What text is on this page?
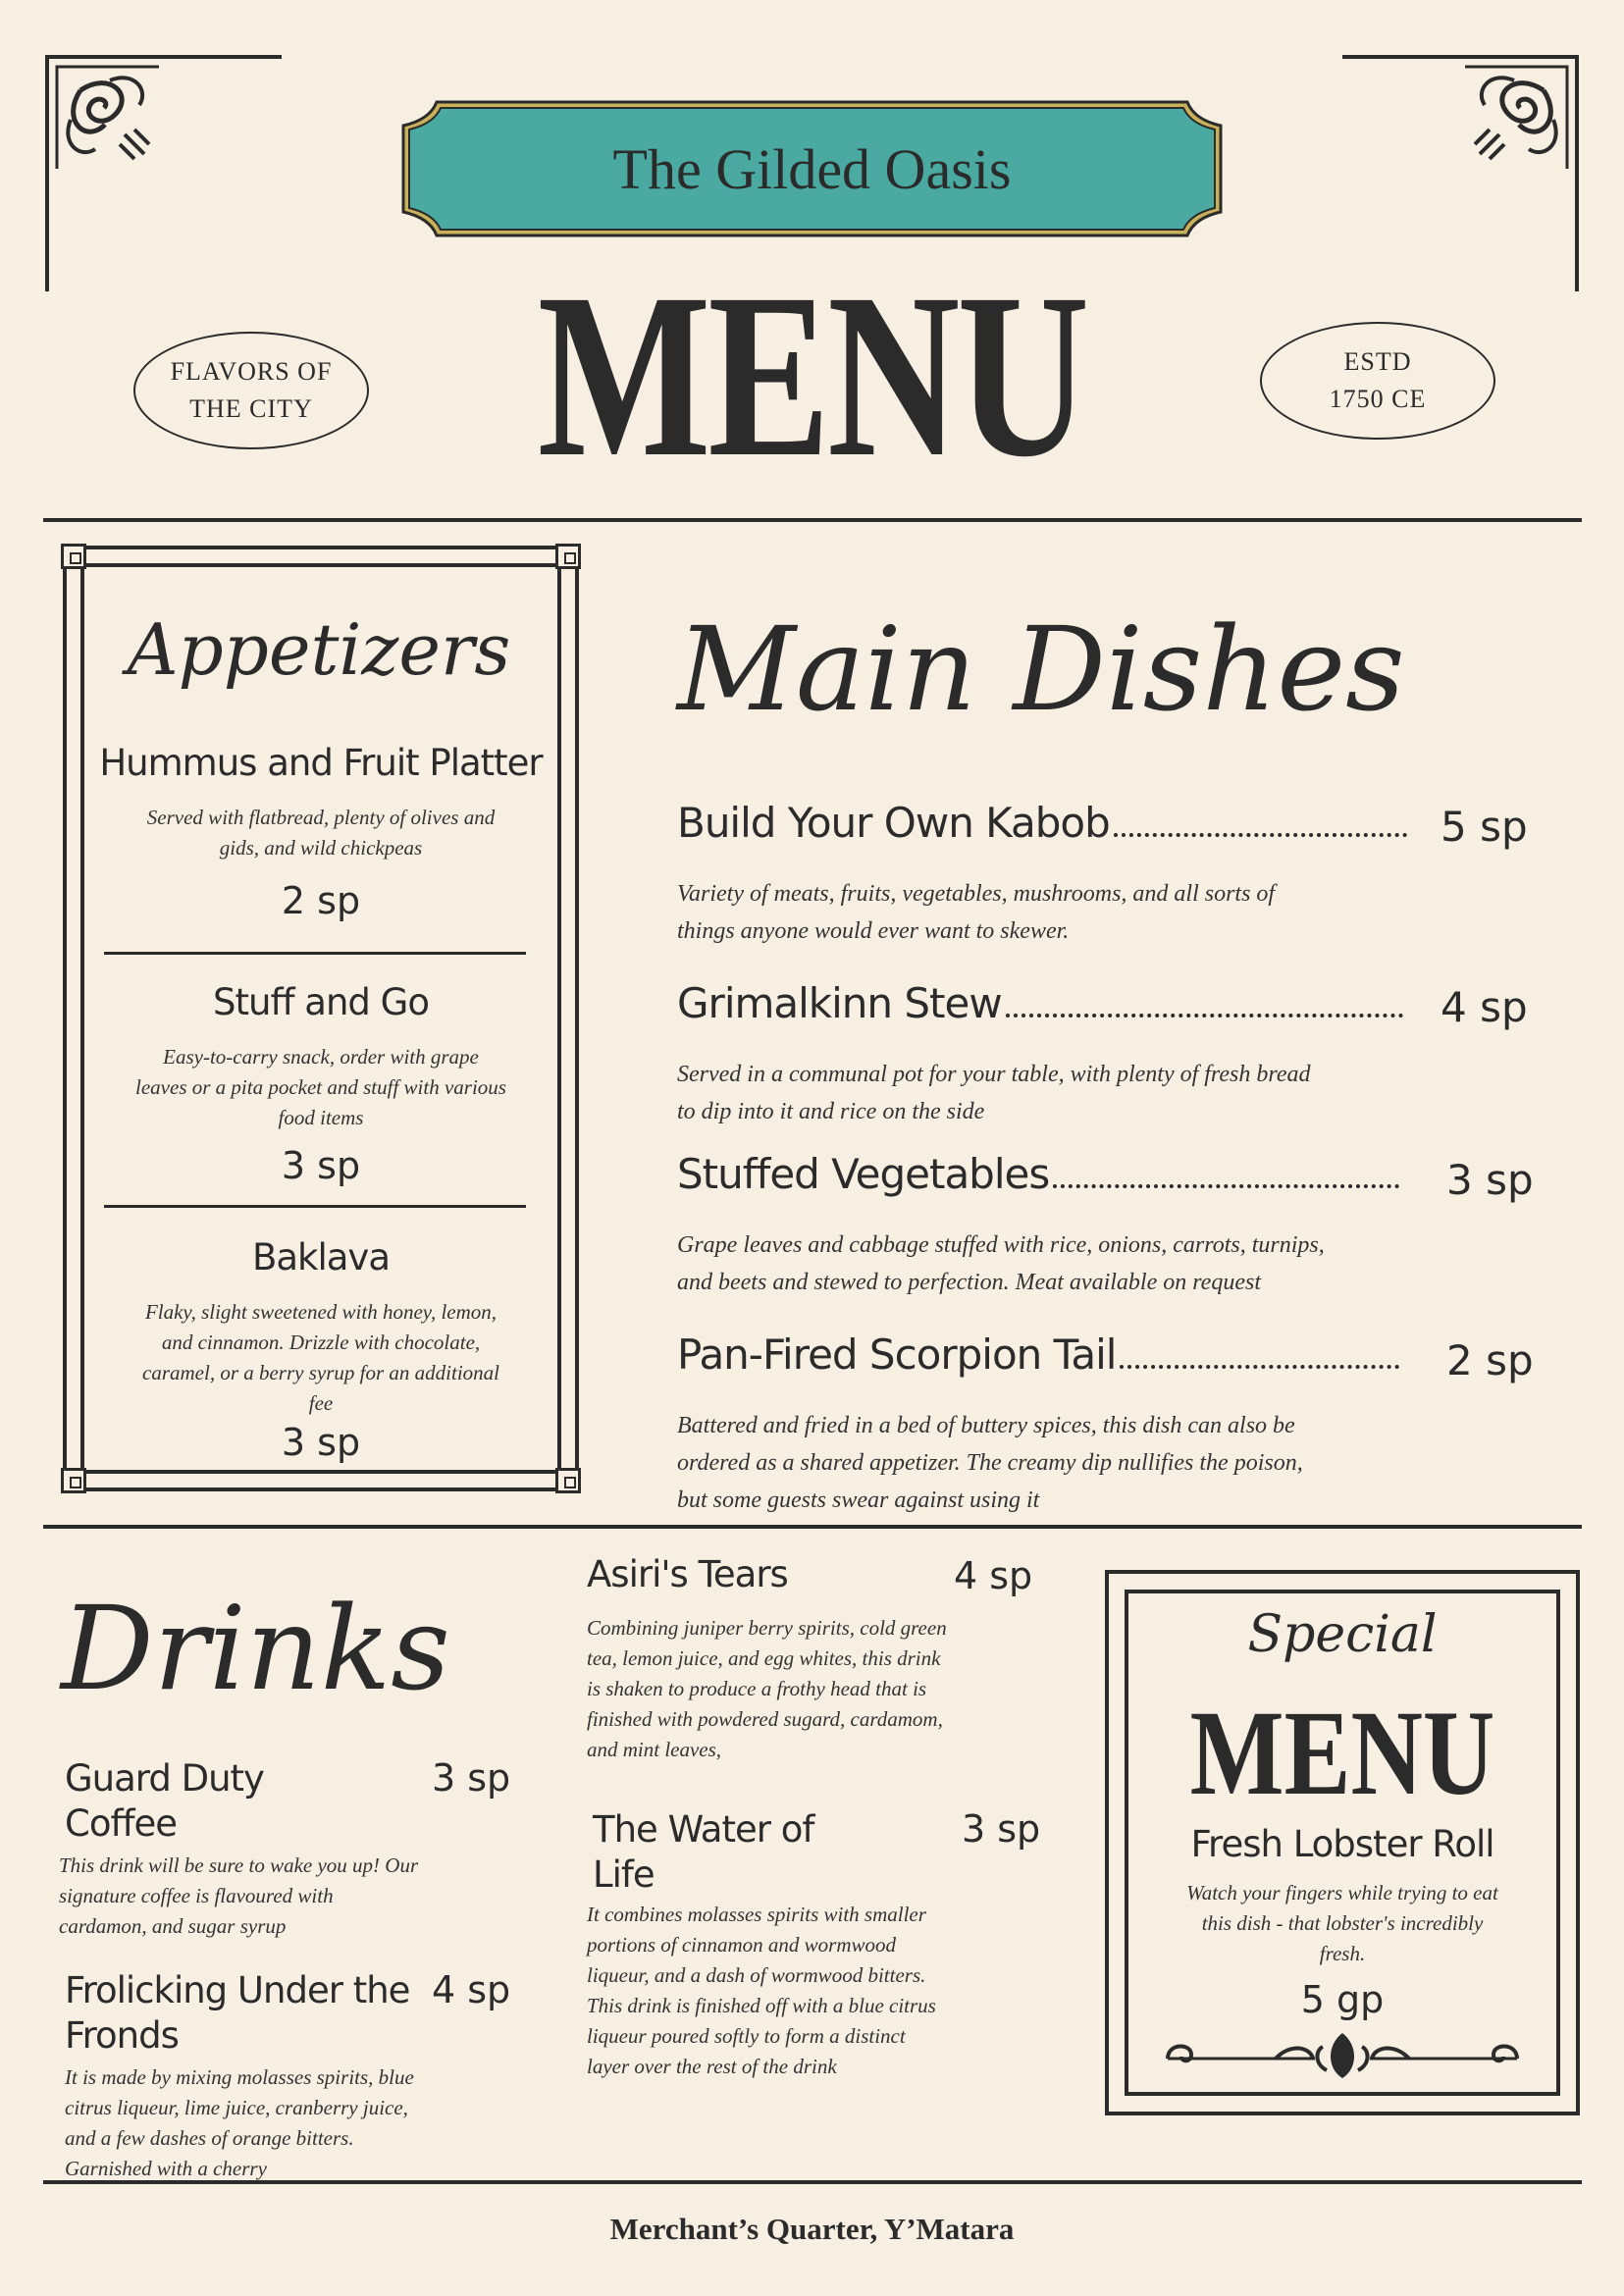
The Gilded Oasis
MENU
FLAVORS OF
THE CITY
ESTD
1750 CE
Appetizers
Hummus and Fruit Platter
Served with flatbread, plenty of olives and
gids, and wild chickpeas
2 sp
Stuff and Go
Easy-to-carry snack, order with grape
leaves or a pita pocket and stuff with various
food items
3 sp
Baklava
Flaky, slight sweetened with honey, lemon,
and cinnamon. Drizzle with chocolate,
caramel, or a berry syrup for an additional
fee
3 sp
Main Dishes
Build Your Own Kabob	5 sp
Variety of meats, fruits, vegetables, mushrooms, and all sorts of
things anyone would ever want to skewer.
Grimalkinn Stew	4 sp
Served in a communal pot for your table, with plenty of fresh bread
to dip into it and rice on the side
Stuffed Vegetables	3 sp
Grape leaves and cabbage stuffed with rice, onions, carrots, turnips,
and beets and stewed to perfection. Meat available on request
Pan-Fired Scorpion Tail	2 sp
Battered and fried in a bed of buttery spices, this dish can also be
ordered as a shared appetizer. The creamy dip nullifies the poison,
but some guests swear against using it
Drinks
Guard Duty
Coffee
3 sp
This drink will be sure to wake you up! Our
signature coffee is flavoured with
cardamon, and sugar syrup
Frolicking Under the
Fronds
4 sp
It is made by mixing molasses spirits, blue
citrus liqueur, lime juice, cranberry juice,
and a few dashes of orange bitters.
Garnished with a cherry
Asiri's Tears	4 sp
Combining juniper berry spirits, cold green
tea, lemon juice, and egg whites, this drink
is shaken to produce a frothy head that is
finished with powdered sugard, cardamom,
and mint leaves,
The Water of
Life
3 sp
It combines molasses spirits with smaller
portions of cinnamon and wormwood
liqueur, and a dash of wormwood bitters.
This drink is finished off with a blue citrus
liqueur poured softly to form a distinct
layer over the rest of the drink
Special
MENU
Fresh Lobster Roll
Watch your fingers while trying to eat
this dish - that lobster's incredibly
fresh.
5 gp
Merchant’s Quarter, Y’Matara
